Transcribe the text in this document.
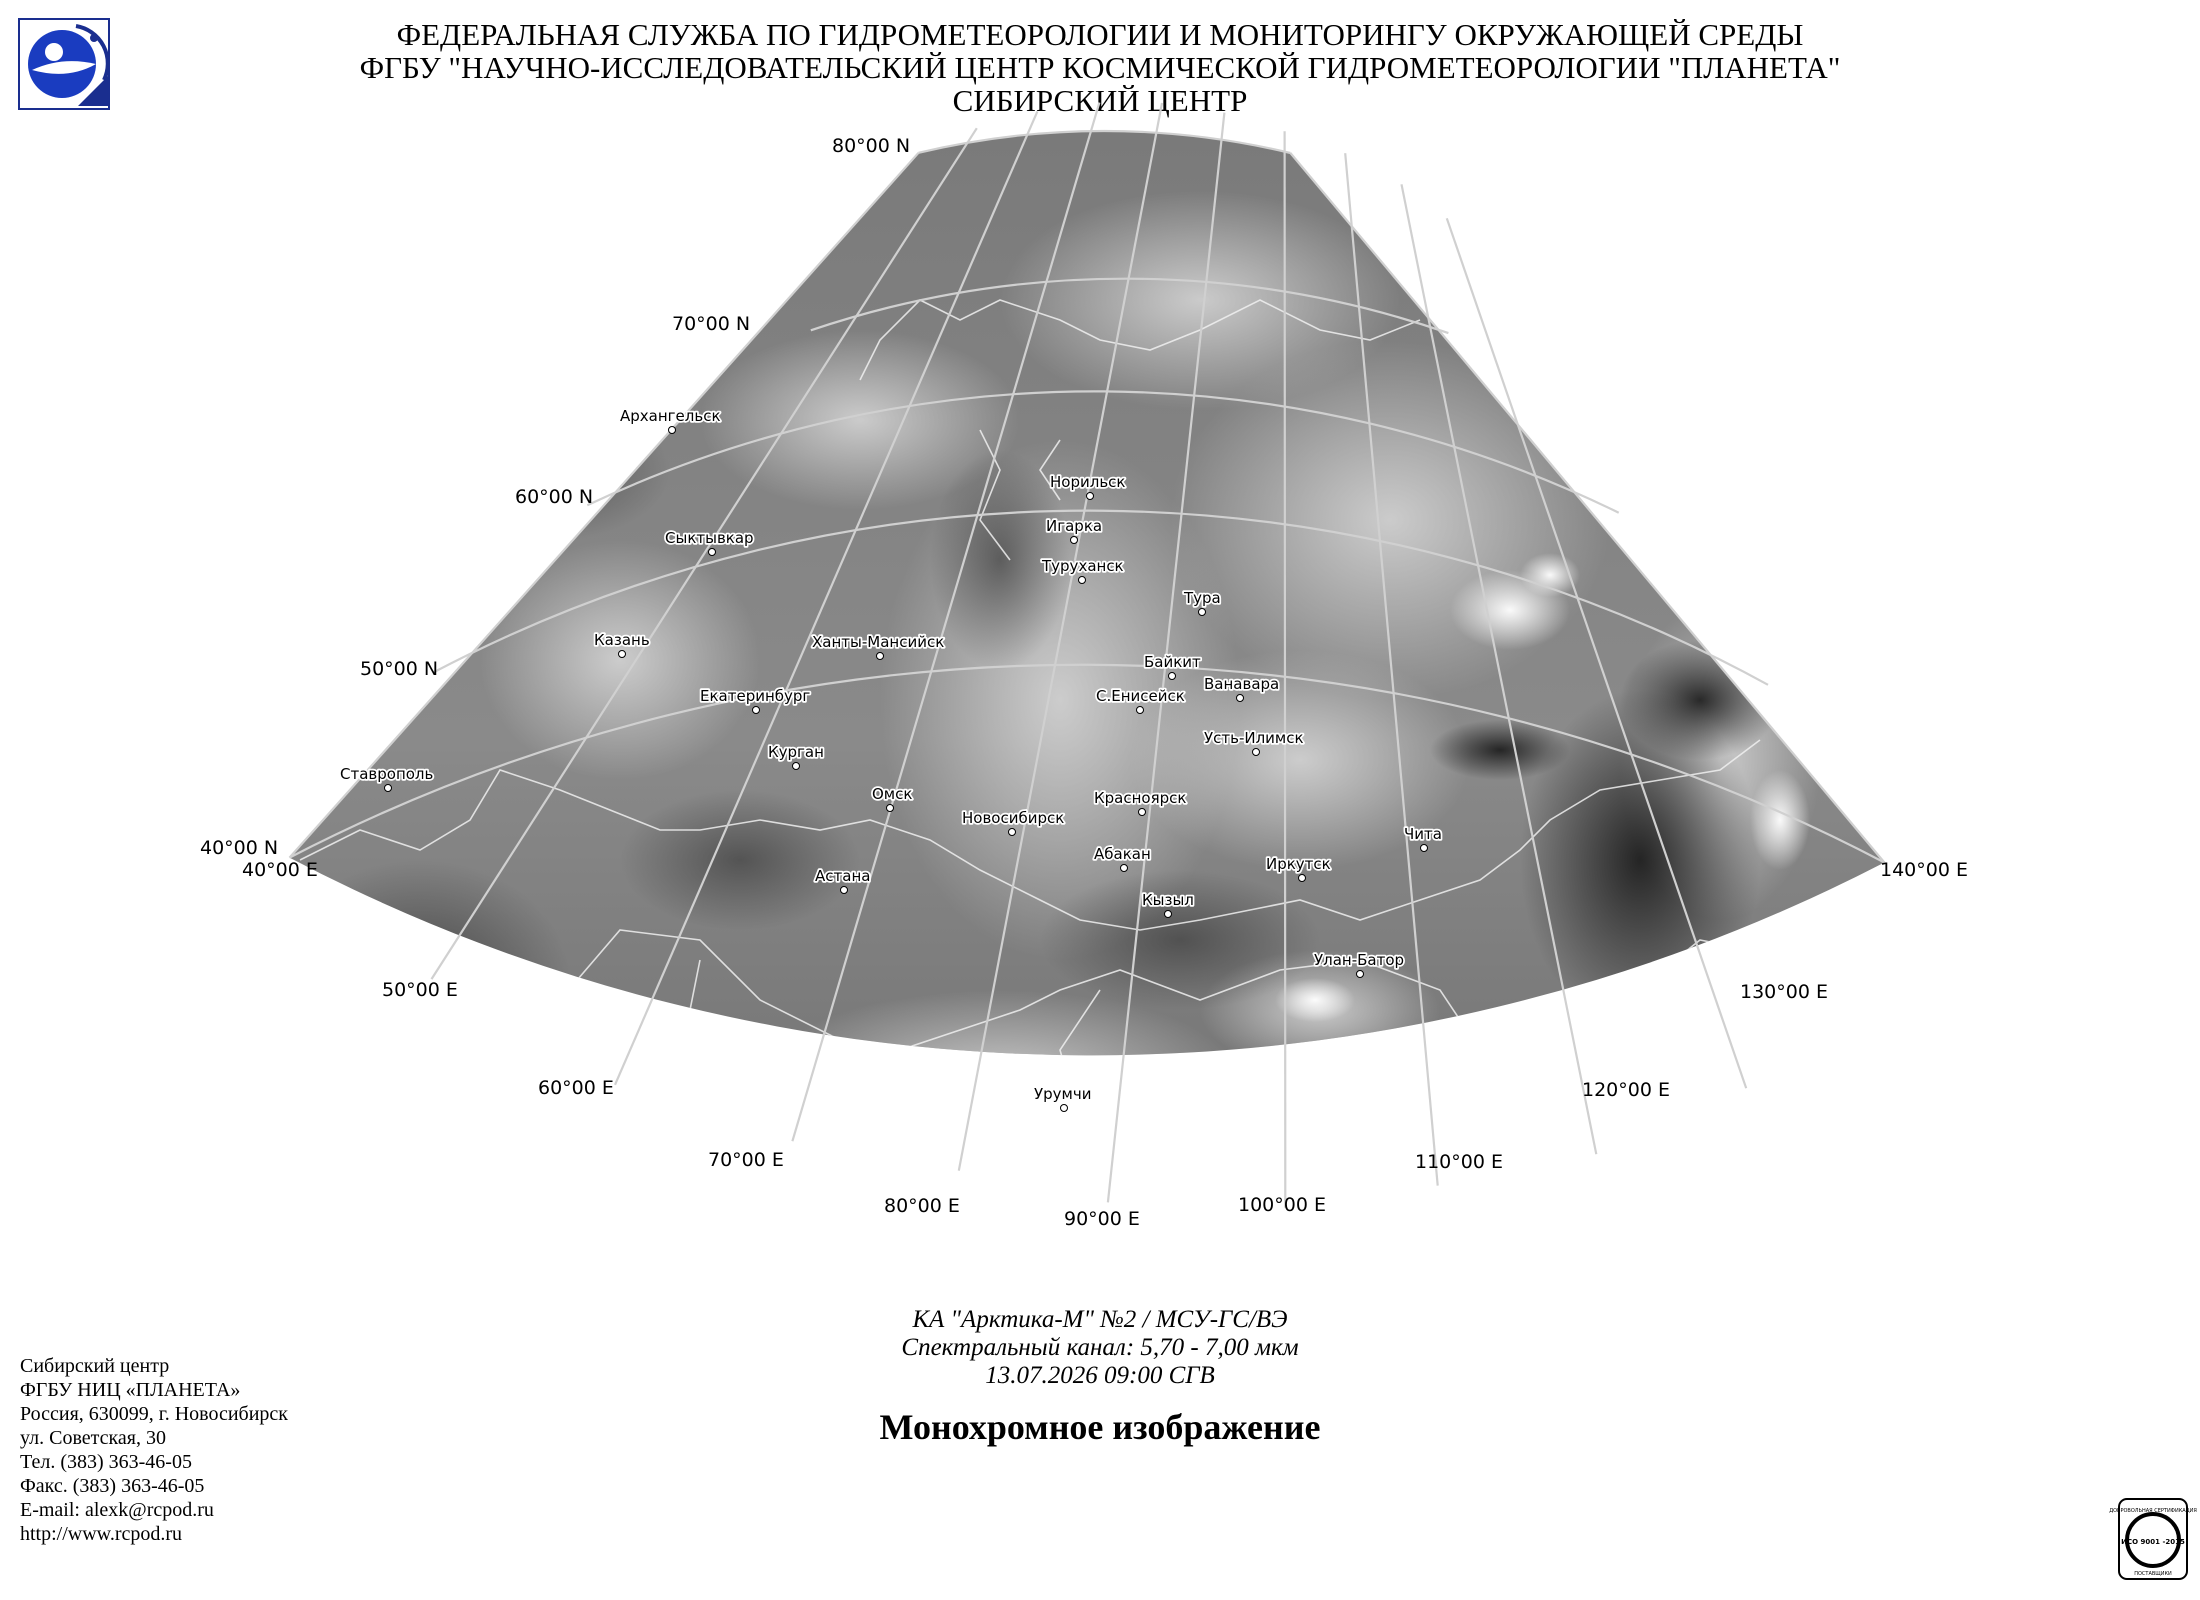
ФЕДЕРАЛЬНАЯ СЛУЖБА ПО ГИДРОМЕТЕОРОЛОГИИ И МОНИТОРИНГУ ОКРУЖАЮЩЕЙ СРЕДЫ
ФГБУ "НАУЧНО-ИССЛЕДОВАТЕЛЬСКИЙ ЦЕНТР КОСМИЧЕСКОЙ ГИДРОМЕТЕОРОЛОГИИ "ПЛАНЕТА"
СИБИРСКИЙ ЦЕНТР
80°00 N
70°00 N
60°00 N
50°00 N
40°00 N
40°00 E
50°00 E
60°00 E
70°00 E
80°00 E
90°00 E
100°00 E
110°00 E
120°00 E
130°00 E
140°00 E
Архангельск
Сыктывкар
Казань
Ставрополь
Екатеринбург
Ханты-Мансийск
Курган
Омск
Астана
Новосибирск
Норильск
Игарка
Туруханск
Тура
Байкит
Ванавара
С.Енисейск
Усть-Илимск
Красноярск
Абакан
Кызыл
Иркутск
Чита
Улан-Батор
Урумчи
КА "Арктика-М" №2 / МСУ-ГС/ВЭ
Спектральный канал: 5,70 - 7,00 мкм
13.07.2026 09:00 СГВ
Монохромное изображение
Сибирский центр
ФГБУ НИЦ «ПЛАНЕТА»
Россия, 630099, г. Новосибирск
ул. Советская, 30
Тел. (383) 363-46-05
Факс. (383) 363-46-05
E-mail: alexk@rcpod.ru
http://www.rcpod.ru
ДОБРОВОЛЬНАЯ СЕРТИФИКАЦИЯ
ИСО 9001 -2015
ПОСТАВЩИКИ
